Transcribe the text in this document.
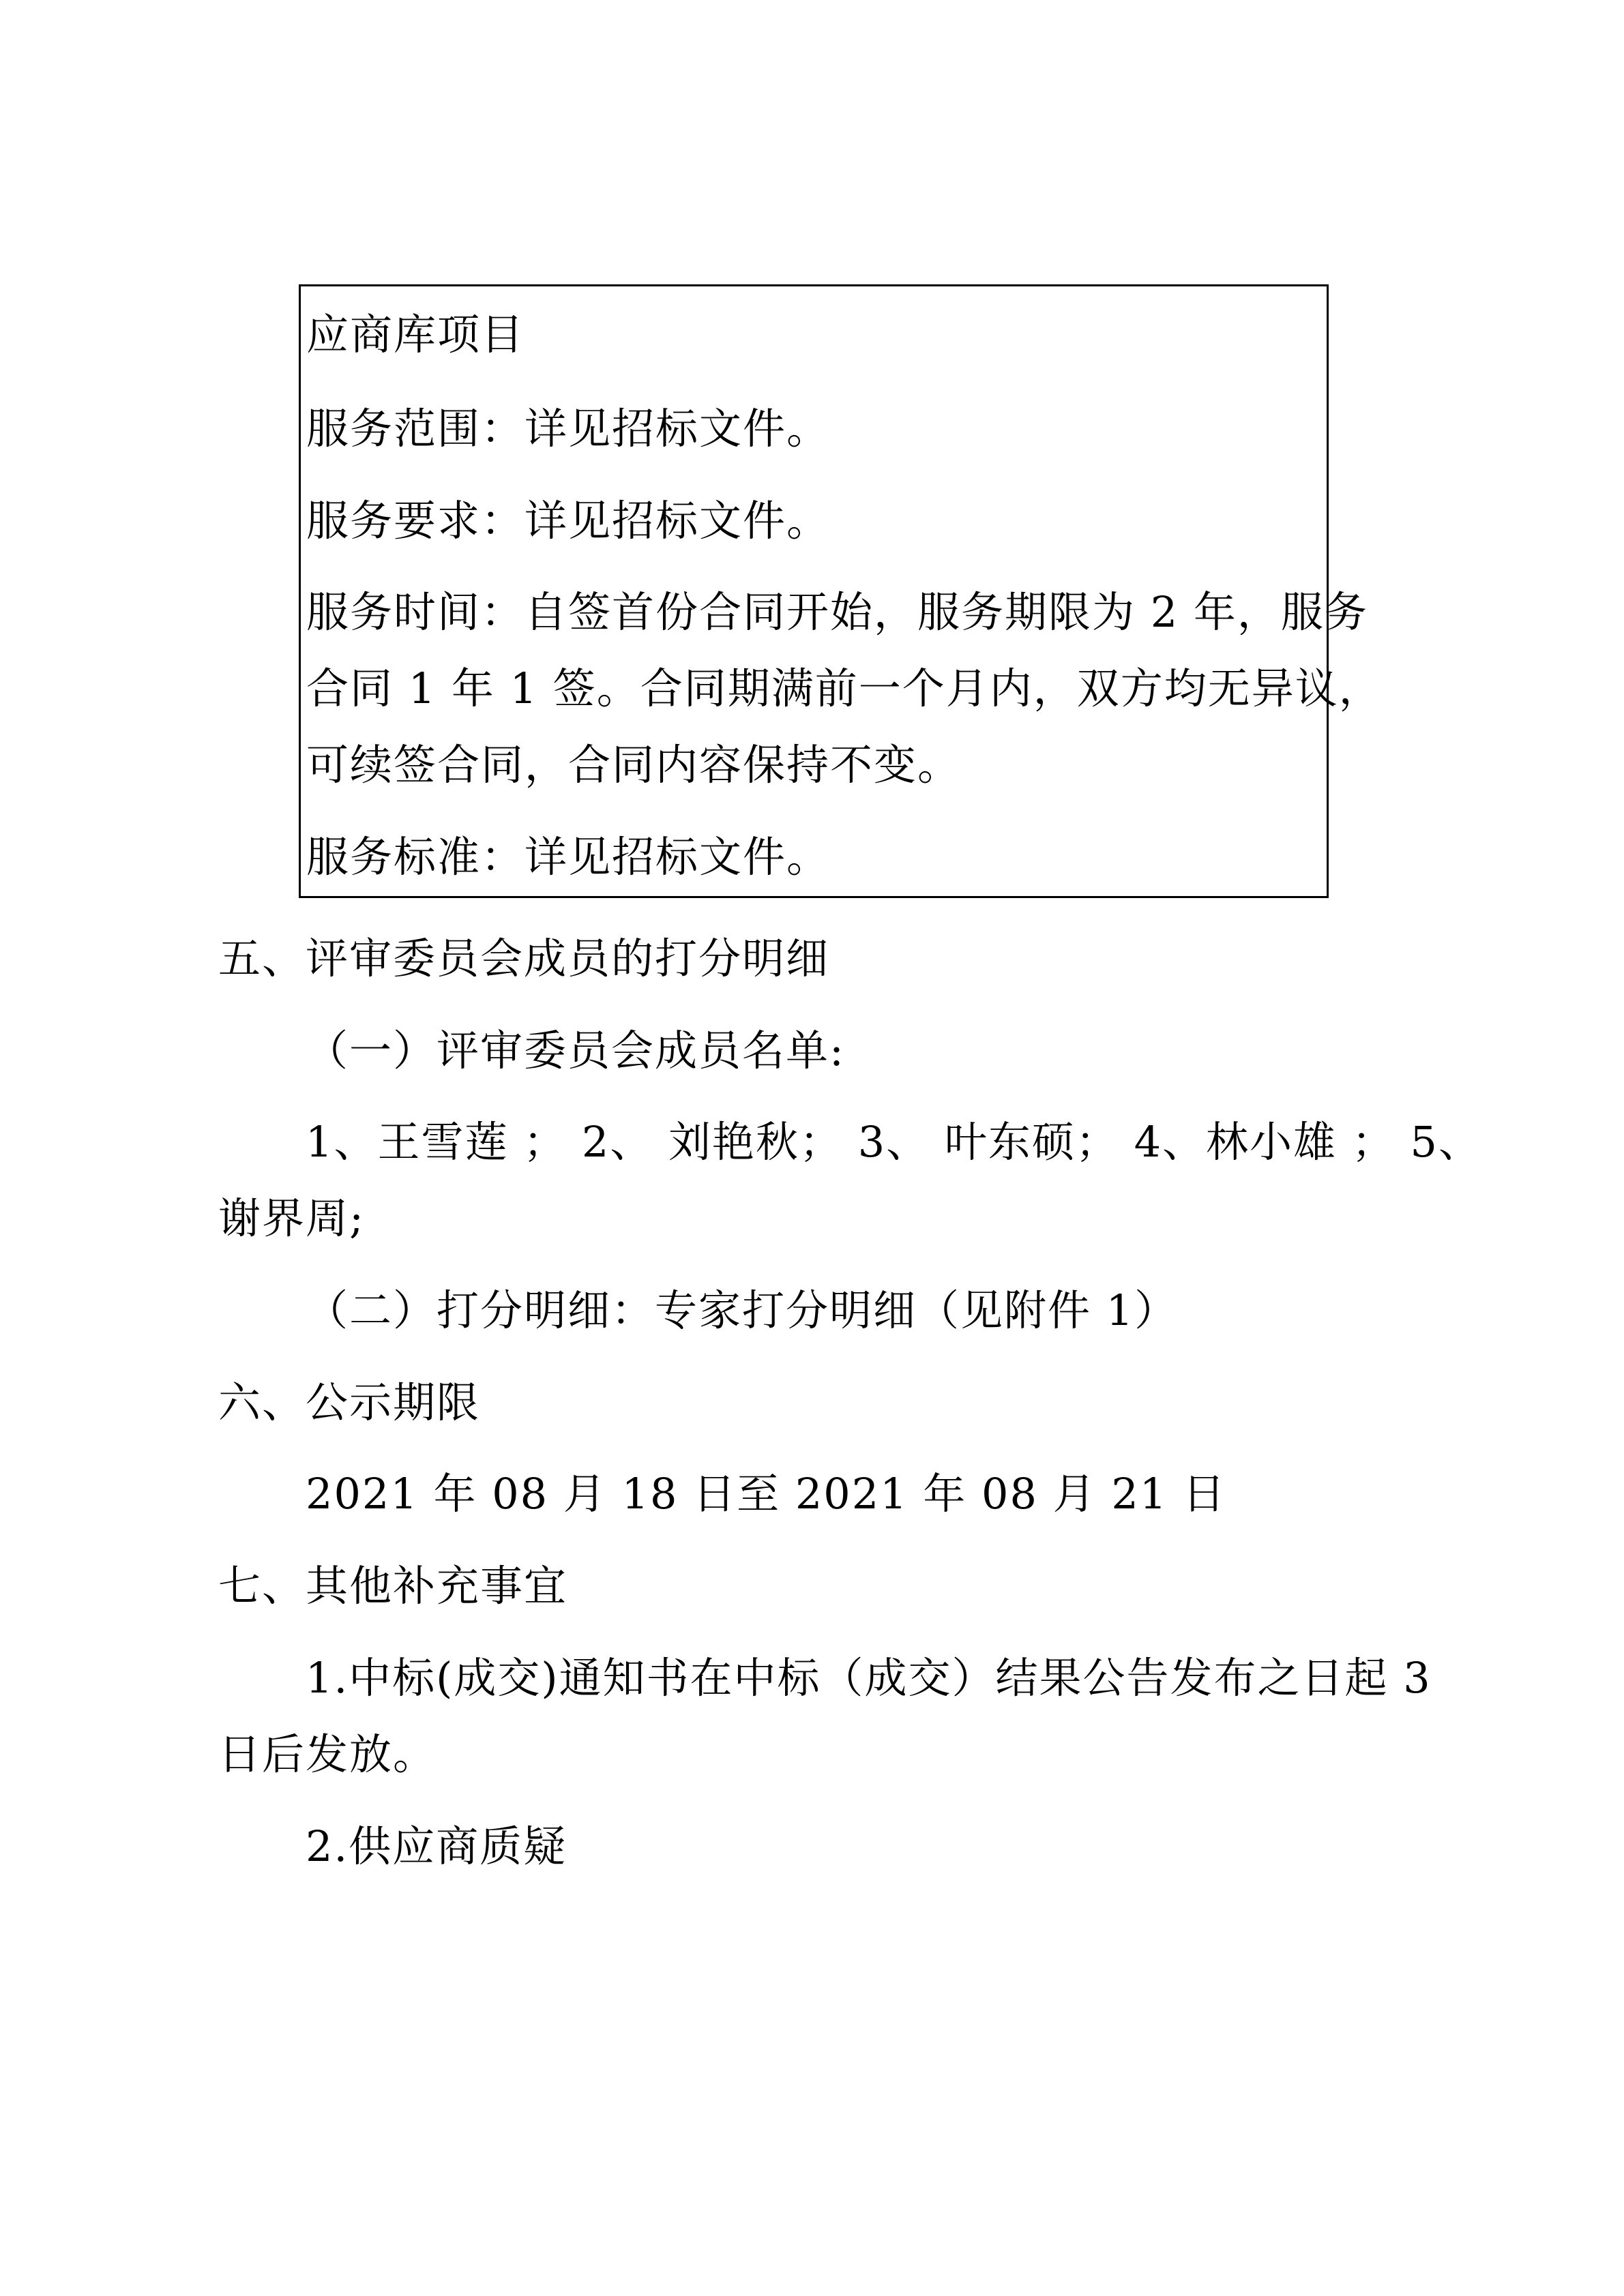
应商库项目
服务范围：详见招标文件。
服务要求：详见招标文件。
服务时间：自签首份合同开始，服务期限为 2 年，服务
合同 1 年 1 签。合同期满前一个月内，双方均无异议，
可续签合同，合同内容保持不变。
服务标准：详见招标文件。
五、评审委员会成员的打分明细
（一）评审委员会成员名单:
1、王雪莲 ； 2、 刘艳秋； 3、 叶东硕； 4、林小雄 ； 5、
谢界周;
（二）打分明细：专家打分明细（见附件 1）
六、公示期限
2021 年 08 月 18 日至 2021 年 08 月 21 日
七、其他补充事宜
1.中标(成交)通知书在中标（成交）结果公告发布之日起 3
日后发放。
2.供应商质疑
